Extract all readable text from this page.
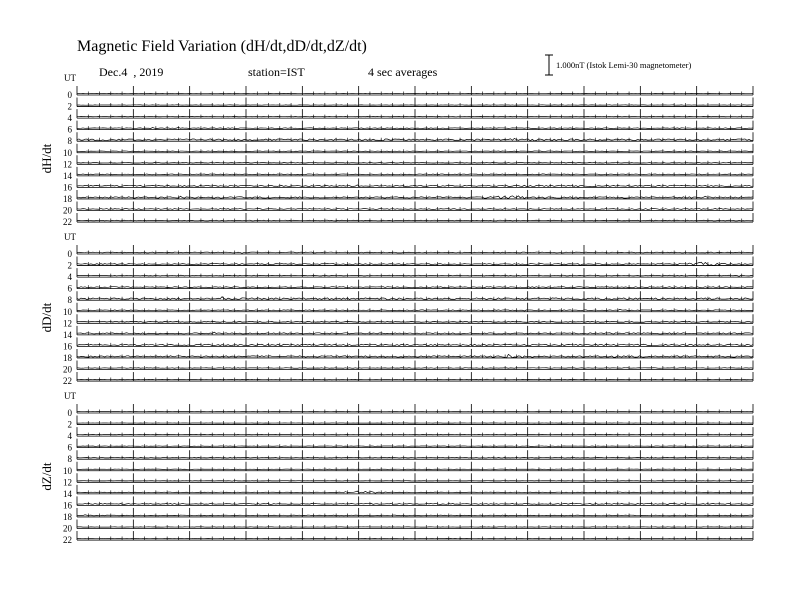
Magnetic Field Variation (dH/dt,dD/dt,dZ/dt)
Dec.4  , 2019	station=IST	4 sec averages	1.000nT (Istok Lemi-30 magnetometer)
UT
dH/dt
0
2
4
6
8
10
12
14
16
18
20
22
UT
dD/dt
0
2
4
6
8
10
12
14
16
18
20
22
UT
dZ/dt
0
2
4
6
8
10
12
14
16
18
20
22
